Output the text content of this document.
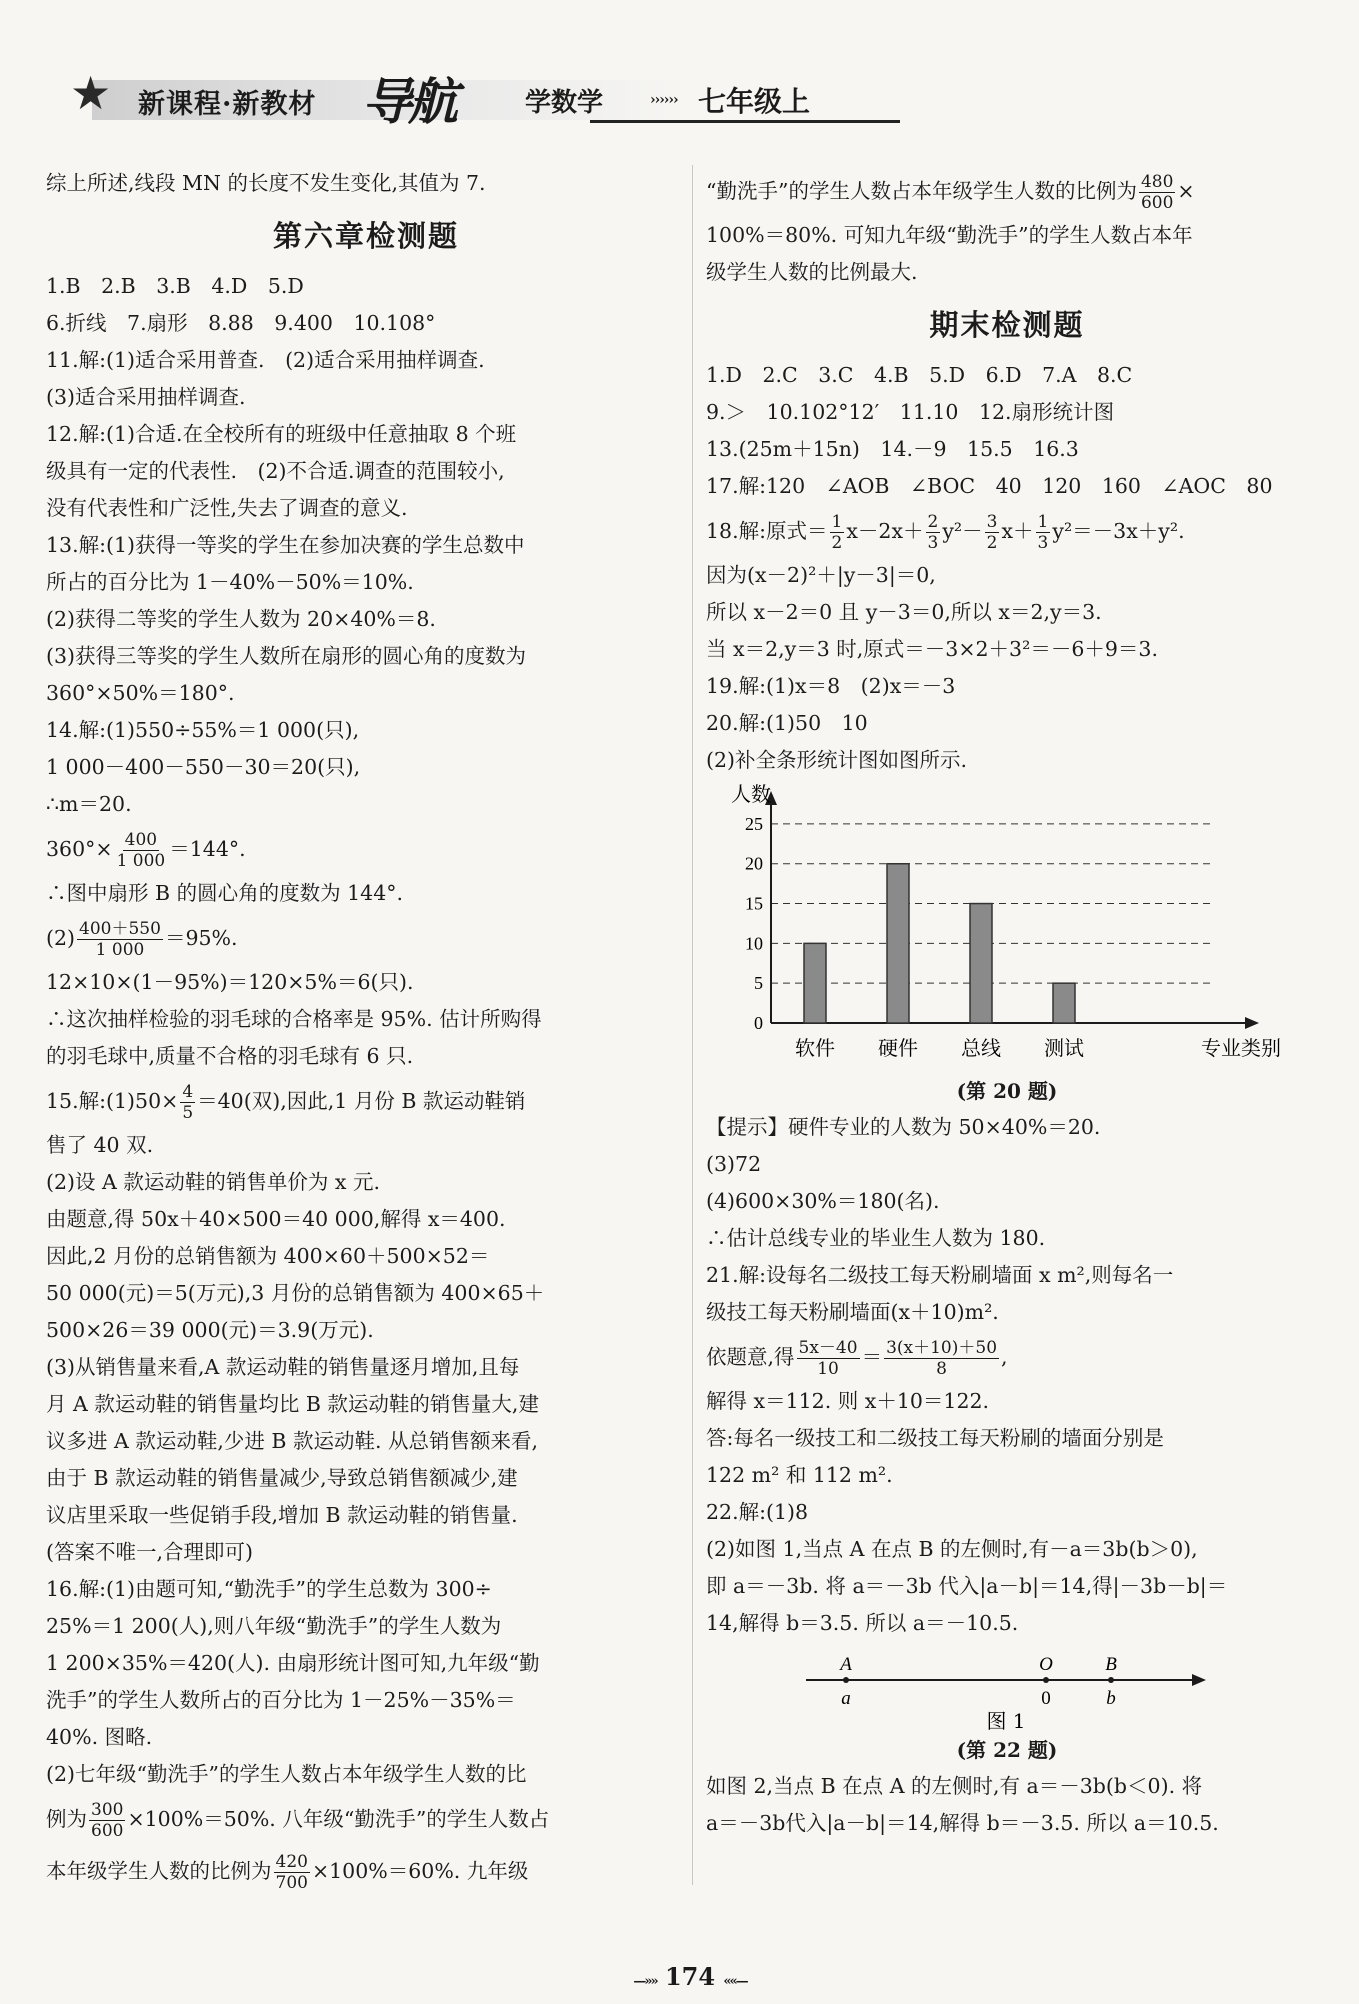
★ 新课程·新教材 导航	学数学	›››››› 七年级上

综上所述,线段 MN 的长度不发生变化,其值为 7.

第六章检测题

1.B　2.B　3.B　4.D　5.D

6.折线　7.扇形　8.88　9.400　10.108°

11.解:(1)适合采用普查.　(2)适合采用抽样调查.

(3)适合采用抽样调查.

12.解:(1)合适.在全校所有的班级中任意抽取 8 个班

级具有一定的代表性.　(2)不合适.调查的范围较小,

没有代表性和广泛性,失去了调查的意义.

13.解:(1)获得一等奖的学生在参加决赛的学生总数中

所占的百分比为 1－40%－50%＝10%.

(2)获得二等奖的学生人数为 20×40%＝8.

(3)获得三等奖的学生人数所在扇形的圆心角的度数为

360°×50%＝180°.

14.解:(1)550÷55%＝1 000(只),

1 000－400－550－30＝20(只),

∴m＝20.

$360^\circ\times \frac{400}{1 000} =144^\circ$.

∴图中扇形 B 的圆心角的度数为 144°.

$(2) \frac{400+550}{1 000} =95\%$.

12×10×(1－95%)＝120×5%＝6(只).

∴这次抽样检验的羽毛球的合格率是 95%. 估计所购得

的羽毛球中,质量不合格的羽毛球有 6 只.

15.解:(1)50× $\frac{4}{5} =40$(双),因此,1 月份 B 款运动鞋销

售了 40 双.

(2)设 A 款运动鞋的销售单价为 x 元.

由题意,得 50x＋40×500＝40 000,解得 x＝400.

因此,2 月份的总销售额为 400×60＋500×52＝

50 000(元)＝5(万元),3 月份的总销售额为 400×65＋

500×26＝39 000(元)＝3.9(万元).

(3)从销售量来看,A 款运动鞋的销售量逐月增加,且每

月 A 款运动鞋的销售量均比 B 款运动鞋的销售量大,建

议多进 A 款运动鞋,少进 B 款运动鞋. 从总销售额来看,

由于 B 款运动鞋的销售量减少,导致总销售额减少,建

议店里采取一些促销手段,增加 B 款运动鞋的销售量.

(答案不唯一,合理即可)

16.解:(1)由题可知,“勤洗手”的学生总数为 300÷

25%＝1 200(人),则八年级“勤洗手”的学生人数为

1 200×35%＝420(人). 由扇形统计图可知,九年级“勤

洗手”的学生人数所占的百分比为 1－25%－35%＝

40%. 图略.

(2)七年级“勤洗手”的学生人数占本年级学生人数的比

例为 $\frac{300}{600} \times 100\%=50\%$. 八年级“勤洗手”的学生人数占

本年级学生人数的比例为 $\frac{420}{700} \times 100\%=60\%$. 九年级

“勤洗手”的学生人数占本年级学生人数的比例为 $\frac{480}{600}$ ×

100%＝80%. 可知九年级“勤洗手”的学生人数占本年

级学生人数的比例最大.

期末检测题

1.D　2.C　3.C　4.B　5.D　6.D　7.A　8.C

9.＞　10.102°12′　11.10　12.扇形统计图

13.(25m＋15n)　14.－9　15.5　16.3

17.解:120　∠AOB　∠BOC　40　120　160　∠AOC　80

18.解:原式＝ $\frac{1}{2} x-2x+ \frac{2}{3} y^2- \frac{3}{2} x+ \frac{1}{3} y^2=-3x+y^2$.

因为(x－2)²＋|y－3|＝0,

所以 x－2＝0 且 y－3＝0,所以 x＝2,y＝3.

当 x＝2,y＝3 时,原式＝－3×2＋3²＝－6＋9＝3.

19.解:(1)x＝8　(2)x＝－3

20.解:(1)50　10

(2)补全条形统计图如图所示.

0
5
10
15
20
25
人数
专业类别
软件 硬件 总线 测试

(第 20 题)

【提示】硬件专业的人数为 50×40%＝20.

(3)72

(4)600×30%＝180(名).

∴估计总线专业的毕业生人数为 180.

21.解:设每名二级技工每天粉刷墙面 x m²,则每名一

级技工每天粉刷墙面(x＋10)m².

依题意,得 $\frac{5x-40}{10} = \frac{3(x+10)+50}{8}$ ,

解得 x＝112. 则 x＋10＝122.

答:每名一级技工和二级技工每天粉刷的墙面分别是

122 m² 和 112 m².

22.解:(1)8

(2)如图 1,当点 A 在点 B 的左侧时,有－a＝3b(b＞0),

即 a＝－3b. 将 a＝－3b 代入|a－b|＝14,得|－3b－b|＝

14,解得 b＝3.5. 所以 a＝－10.5.

A	O	B
a	0	b
图 1

(第 22 题)

如图 2,当点 B 在点 A 的左侧时,有 a＝－3b(b＜0). 将

a＝－3b代入|a－b|＝14,解得 b＝－3.5. 所以 a＝10.5.

—»» 174 ««—
